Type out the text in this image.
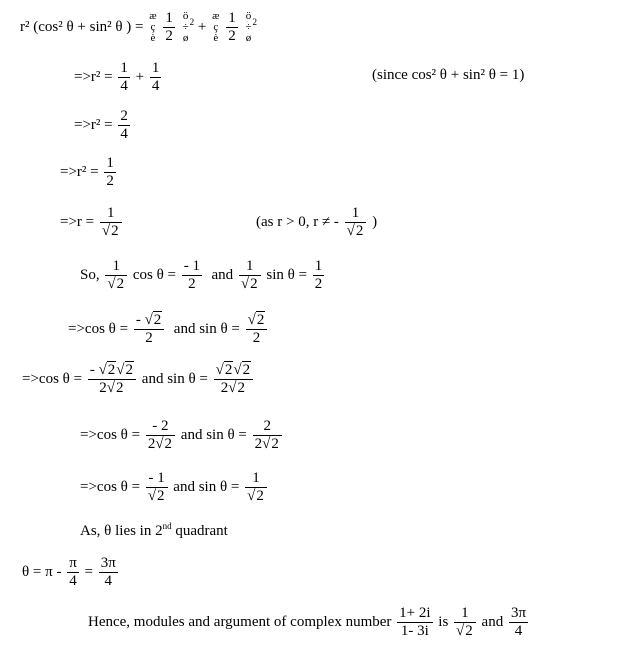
r² (cos² θ + sin² θ ) =
æ
ç
è
$\frac{1}{2}$
ö
÷
ø
$^2$ +
æ
ç
è
$\frac{1}{2}$
ö
÷
ø
$^2$
$=>r^2 = \frac{1}{4} + \frac{1}{4}$	(since cos² θ + sin² θ = 1)
$=>r^2 = \frac{2}{4}$
$=>r^2 = \frac{1}{2}$
$=>r = \frac{1}{√2}$	(as r > 0, r ≠ - $\frac{1}{√2}$ )
So, $\frac{1}{√2}$ $\cos \theta = \frac{- 1}{2}$ and $\frac{1}{√2}$ $\sin \theta = \frac{1}{2}$
=>cos $\theta = \frac{- √2}{2}$ and $\sin \theta = \frac{√2}{2}$
=>cos $\theta = \frac{- √2√2}{2√2}$ and $\sin \theta = \frac{√2√2}{2√2}$
=>cos $\theta = \frac{- 2}{2√2}$ and $\sin \theta = \frac{2}{2√2}$
=>cos $\theta = \frac{- 1}{√2}$ and $\sin \theta = \frac{1}{√2}$
As, θ lies in 2nd quadrant
$\theta = \pi - \frac{\pi}{4} = \frac{3\pi}{4}$
Hence, modules and argument of complex number $\frac{1+ 2i}{1- 3i}$ is $\frac{1}{√2}$ and $\frac{3\pi}{4}$
